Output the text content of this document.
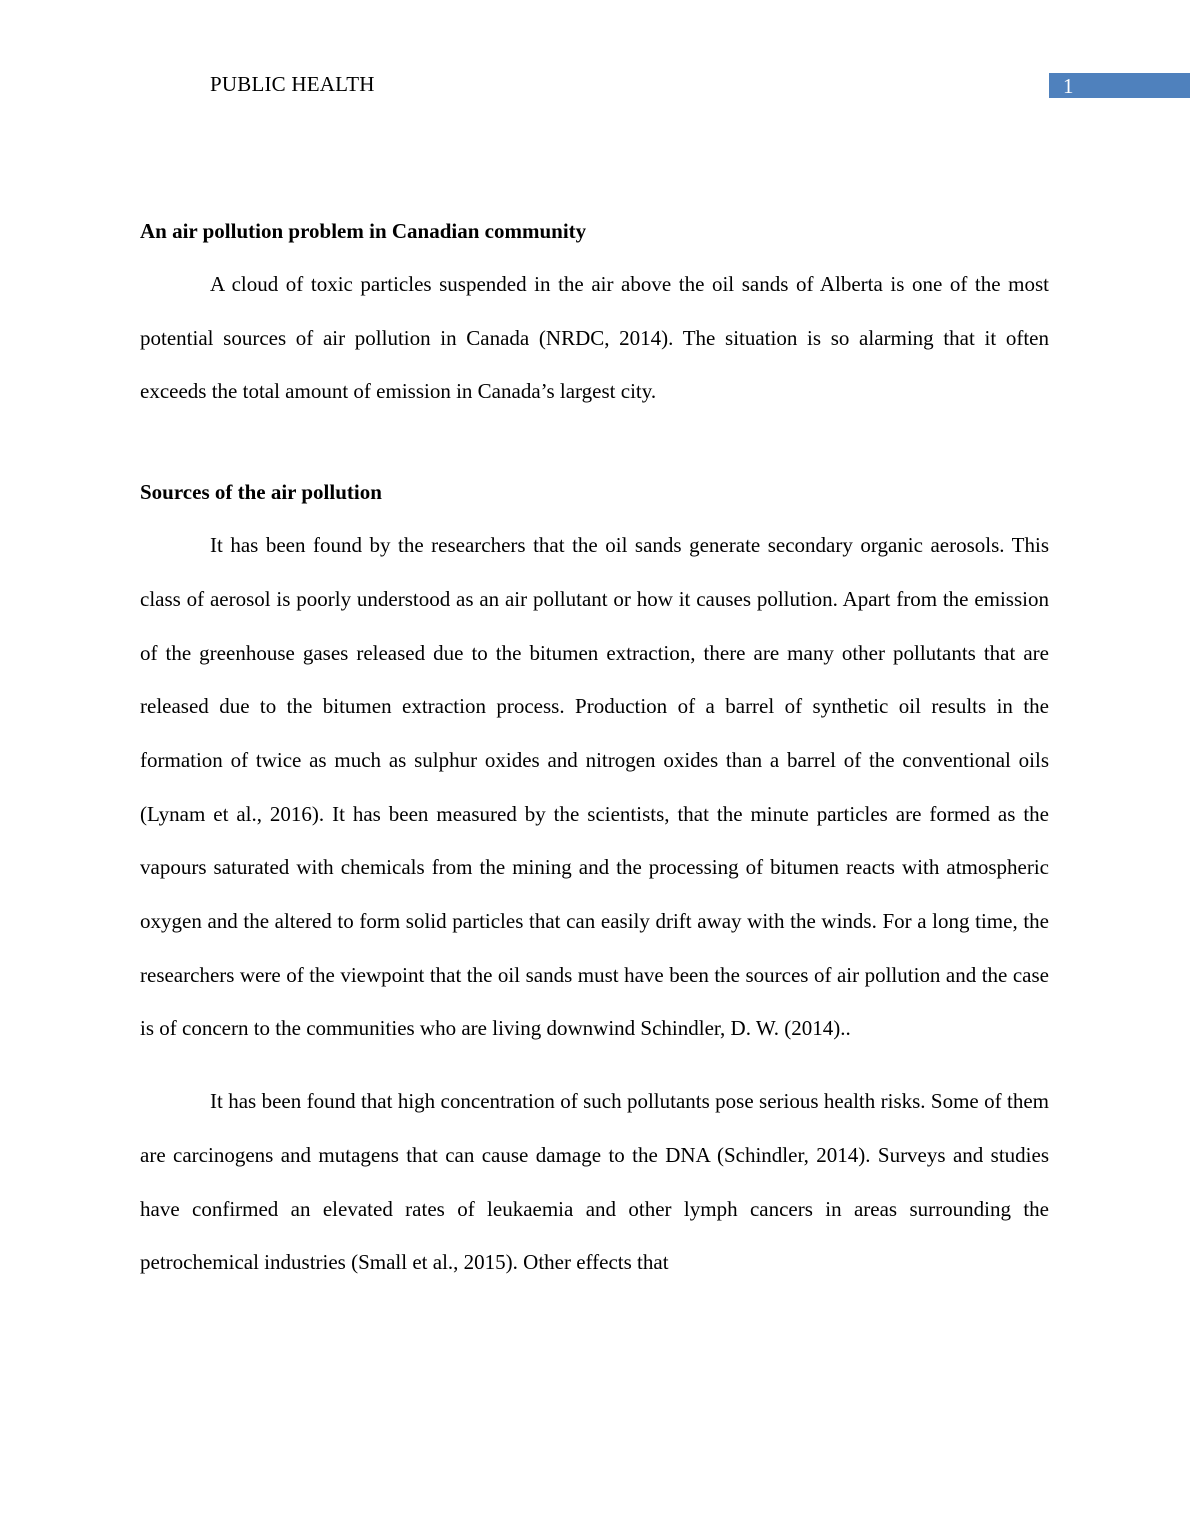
PUBLIC HEALTH	1

An air pollution problem in Canadian community

A cloud of toxic particles suspended in the air above the oil sands of Alberta is one of the most potential sources of air pollution in Canada (NRDC, 2014). The situation is so alarming that it often exceeds the total amount of emission in Canada’s largest city.

Sources of the air pollution

It has been found by the researchers that the oil sands generate secondary organic aerosols. This class of aerosol is poorly understood as an air pollutant or how it causes pollution. Apart from the emission of the greenhouse gases released due to the bitumen extraction, there are many other pollutants that are released due to the bitumen extraction process. Production of a barrel of synthetic oil results in the formation of twice as much as sulphur oxides and nitrogen oxides than a barrel of the conventional oils (Lynam et al., 2016). It has been measured by the scientists, that the minute particles are formed as the vapours saturated with chemicals from the mining and the processing of bitumen reacts with atmospheric oxygen and the altered to form solid particles that can easily drift away with the winds. For a long time, the researchers were of the viewpoint that the oil sands must have been the sources of air pollution and the case is of concern to the communities who are living downwind Schindler, D. W. (2014)..

It has been found that high concentration of such pollutants pose serious health risks. Some of them are carcinogens and mutagens that can cause damage to the DNA (Schindler, 2014). Surveys and studies have confirmed an elevated rates of leukaemia and other lymph cancers in areas surrounding the petrochemical industries (Small et al., 2015). Other effects that
